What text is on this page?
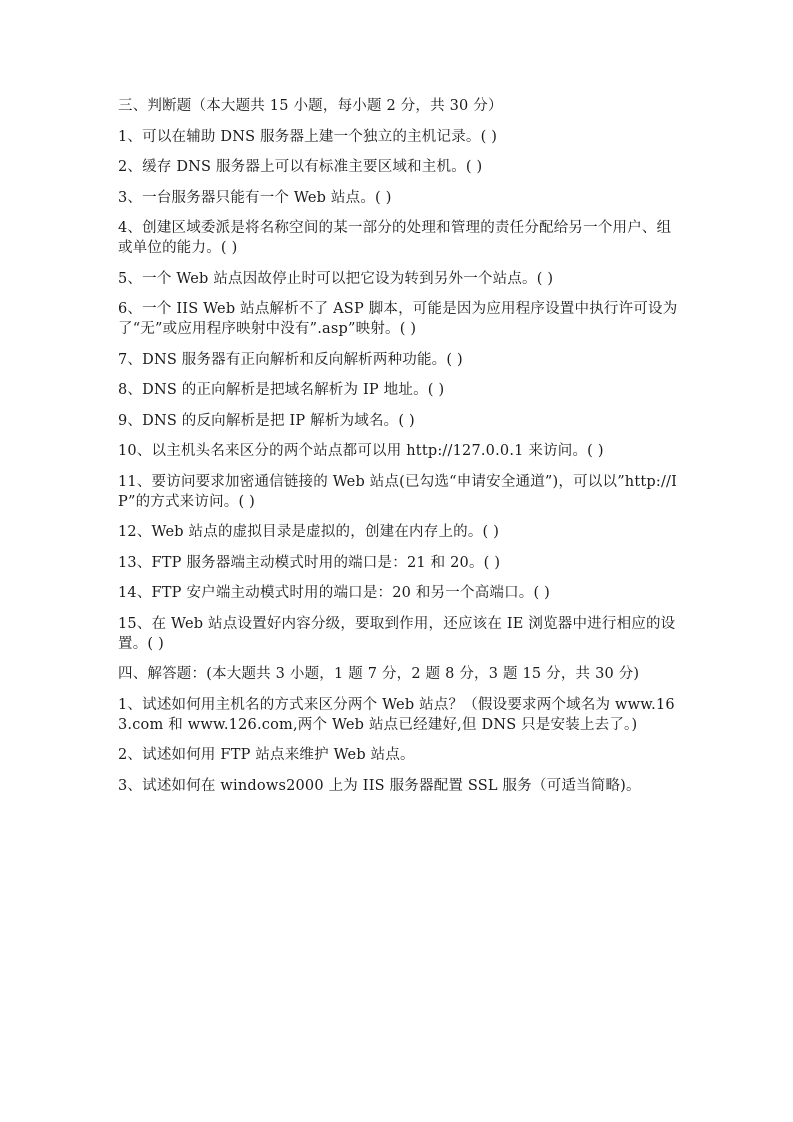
三、判断题（本大题共 15 小题，每小题 2 分，共 30 分）
1、可以在辅助 DNS 服务器上建一个独立的主机记录。( )
2、缓存 DNS 服务器上可以有标准主要区域和主机。( )
3、一台服务器只能有一个 Web 站点。( )
4、创建区域委派是将名称空间的某一部分的处理和管理的责任分配给另一个用户、组或单位的能力。( )
5、一个 Web 站点因故停止时可以把它设为转到另外一个站点。( )
6、一个 IIS Web 站点解析不了 ASP 脚本，可能是因为应用程序设置中执行许可设为了“无”或应用程序映射中没有”.asp”映射。( )
7、DNS 服务器有正向解析和反向解析两种功能。( )
8、DNS 的正向解析是把域名解析为 IP 地址。( )
9、DNS 的反向解析是把 IP 解析为域名。( )
10、以主机头名来区分的两个站点都可以用 http://127.0.0.1 来访问。( )
11、要访问要求加密通信链接的 Web 站点(已勾选“申请安全通道”)，可以以”http://IP”的方式来访问。( )
12、Web 站点的虚拟目录是虚拟的，创建在内存上的。( )
13、FTP 服务器端主动模式时用的端口是：21 和 20。( )
14、FTP 安户端主动模式时用的端口是：20 和另一个高端口。( )
15、在 Web 站点设置好内容分级，要取到作用，还应该在 IE 浏览器中进行相应的设置。( )
四、解答题：(本大题共 3 小题，1 题 7 分，2 题 8 分，3 题 15 分，共 30 分)
1、试述如何用主机名的方式来区分两个 Web 站点？（假设要求两个域名为 www.163.com 和 www.126.com,两个 Web 站点已经建好,但 DNS 只是安装上去了。)
2、试述如何用 FTP 站点来维护 Web 站点。
3、试述如何在 windows2000 上为 IIS 服务器配置 SSL 服务（可适当简略)。
